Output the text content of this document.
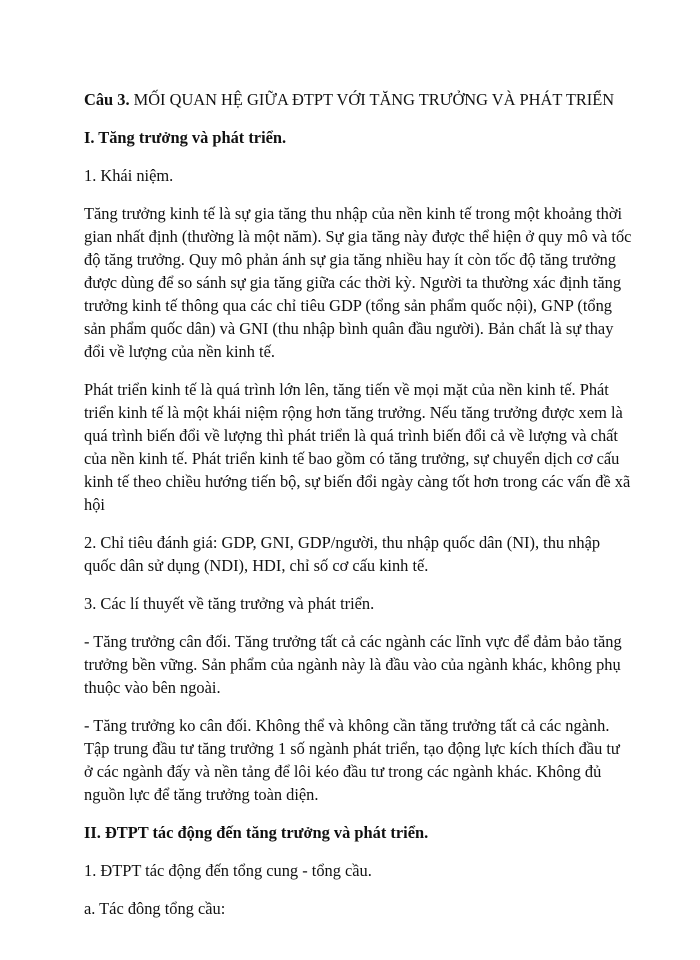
Câu 3. MỐI QUAN HỆ GIỮA ĐTPT VỚI TĂNG TRƯỞNG VÀ PHÁT TRIỂN
I. Tăng trưởng và phát triển.
1. Khái niệm.
Tăng trưởng kinh tế là sự gia tăng thu nhập của nền kinh tế trong một khoảng thời
gian nhất định (thường là một năm). Sự gia tăng này được thể hiện ở quy mô và tốc
độ tăng trưởng. Quy mô phản ánh sự gia tăng nhiều hay ít còn tốc độ tăng trưởng
được dùng để so sánh sự gia tăng giữa các thời kỳ. Người ta thường xác định tăng
trưởng kinh tế thông qua các chỉ tiêu GDP (tổng sản phẩm quốc nội), GNP (tổng
sản phẩm quốc dân) và GNI (thu nhập bình quân đầu người). Bản chất là sự thay
đổi về lượng của nền kinh tế.
Phát triển kinh tế là quá trình lớn lên, tăng tiến về mọi mặt của nền kinh tế. Phát
triển kinh tế là một khái niệm rộng hơn tăng trưởng. Nếu tăng trưởng được xem là
quá trình biến đổi về lượng thì phát triển là quá trình biến đổi cả về lượng và chất
của nền kinh tế. Phát triển kinh tế bao gồm có tăng trưởng, sự chuyển dịch cơ cấu
kinh tế theo chiều hướng tiến bộ, sự biến đổi ngày càng tốt hơn trong các vấn đề xã
hội
2. Chỉ tiêu đánh giá: GDP, GNI, GDP/người, thu nhập quốc dân (NI), thu nhập
quốc dân sử dụng (NDI), HDI, chỉ số cơ cấu kinh tế.
3. Các lí thuyết về tăng trưởng và phát triển.
- Tăng trưởng cân đối. Tăng trưởng tất cả các ngành các lĩnh vực để đảm bảo tăng
trưởng bền vững. Sản phẩm của ngành này là đầu vào của ngành khác, không phụ
thuộc vào bên ngoài.
- Tăng trưởng ko cân đối. Không thể và không cần tăng trưởng tất cả các ngành.
Tập trung đầu tư tăng trưởng 1 số ngành phát triển, tạo động lực kích thích đầu tư
ở các ngành đấy và nền tảng để lôi kéo đầu tư trong các ngành khác. Không đủ
nguồn lực để tăng trưởng toàn diện.
II. ĐTPT tác động đến tăng trưởng và phát triển.
1. ĐTPT tác động đến tổng cung - tổng cầu.
a. Tác đông tổng cầu:
